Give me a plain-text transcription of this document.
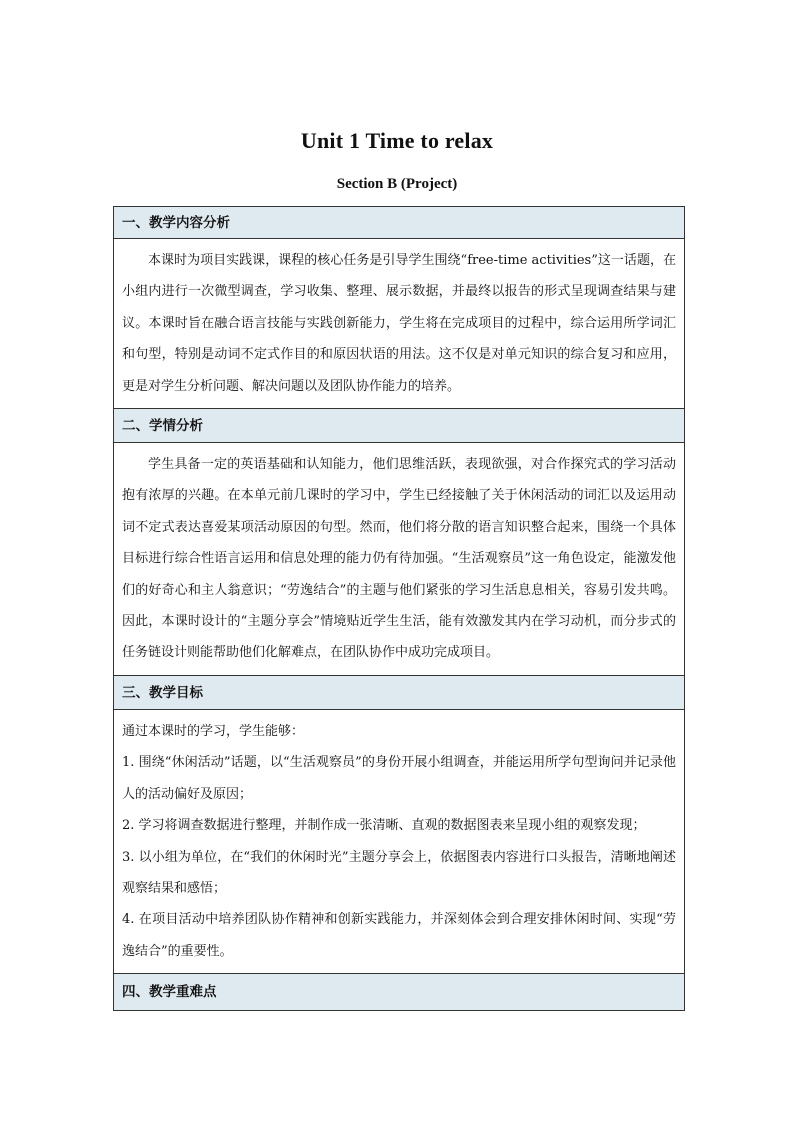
Unit 1 Time to relax
Section B (Project)
一、教学内容分析

本课时为项目实践课，课程的核心任务是引导学生围绕“free-time activities”这一话题，在小组内进行一次微型调查，学习收集、整理、展示数据，并最终以报告的形式呈现调查结果与建议。本课时旨在融合语言技能与实践创新能力，学生将在完成项目的过程中，综合运用所学词汇和句型，特别是动词不定式作目的和原因状语的用法。这不仅是对单元知识的综合复习和应用，更是对学生分析问题、解决问题以及团队协作能力的培养。

二、学情分析

学生具备一定的英语基础和认知能力，他们思维活跃，表现欲强，对合作探究式的学习活动抱有浓厚的兴趣。在本单元前几课时的学习中，学生已经接触了关于休闲活动的词汇以及运用动词不定式表达喜爱某项活动原因的句型。然而，他们将分散的语言知识整合起来，围绕一个具体目标进行综合性语言运用和信息处理的能力仍有待加强。“生活观察员”这一角色设定，能激发他们的好奇心和主人翁意识；“劳逸结合”的主题与他们紧张的学习生活息息相关，容易引发共鸣。因此，本课时设计的“主题分享会”情境贴近学生生活，能有效激发其内在学习动机，而分步式的任务链设计则能帮助他们化解难点，在团队协作中成功完成项目。

三、教学目标

通过本课时的学习，学生能够：

1. 围绕“休闲活动”话题，以“生活观察员”的身份开展小组调查，并能运用所学句型询问并记录他人的活动偏好及原因；

2. 学习将调查数据进行整理，并制作成一张清晰、直观的数据图表来呈现小组的观察发现；

3. 以小组为单位，在“我们的休闲时光”主题分享会上，依据图表内容进行口头报告，清晰地阐述观察结果和感悟；

4. 在项目活动中培养团队协作精神和创新实践能力，并深刻体会到合理安排休闲时间、实现“劳逸结合”的重要性。

四、教学重难点
